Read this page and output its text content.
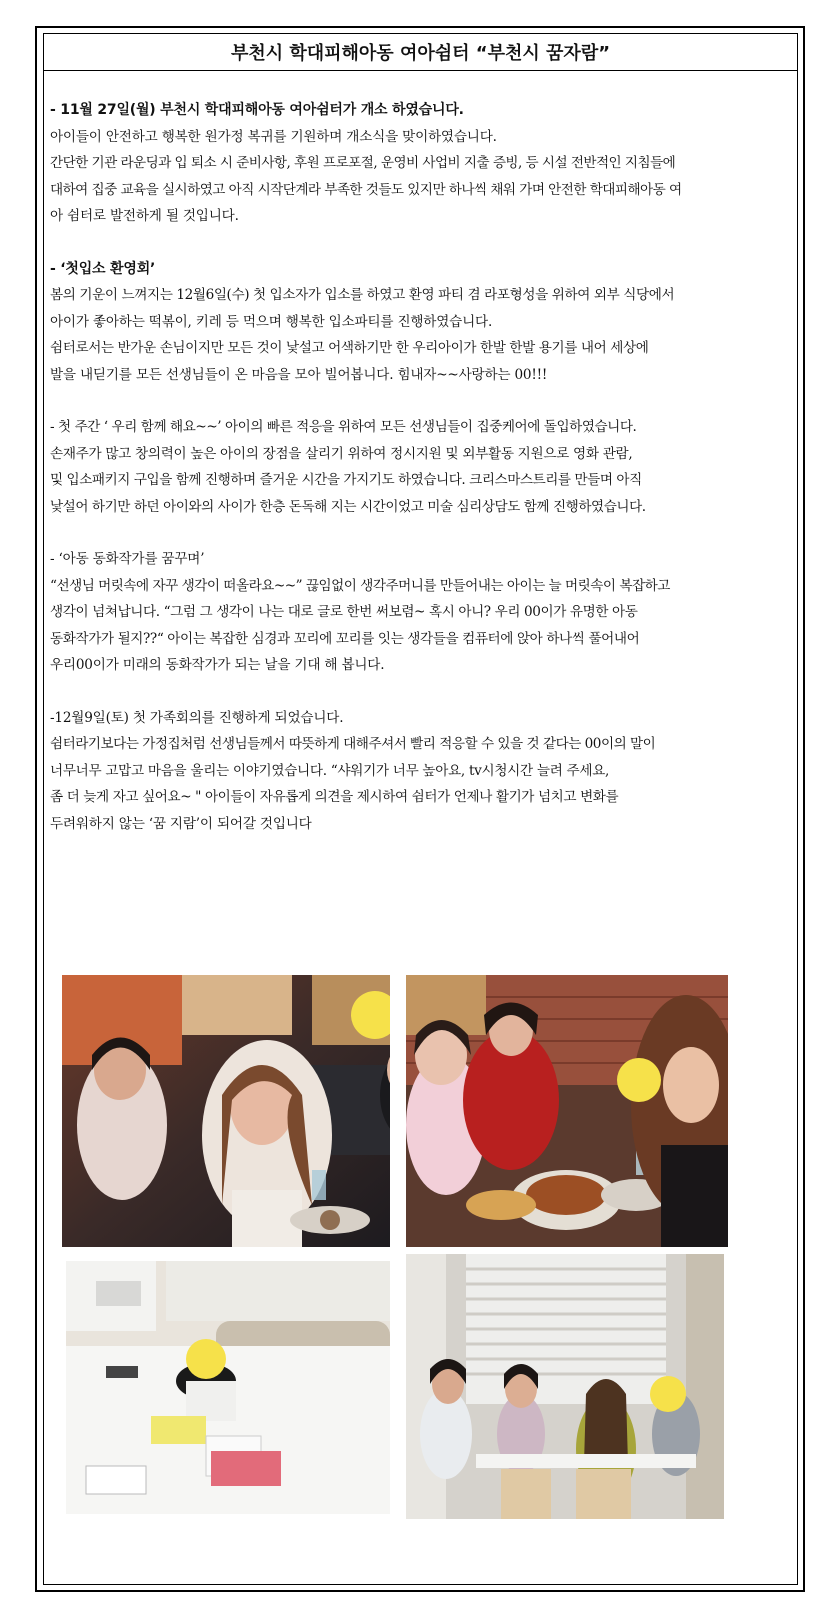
부천시 학대피해아동 여아쉼터 “부천시 꿈자람”

- 11월 27일(월) 부천시 학대피해아동 여아쉼터가 개소 하였습니다.

아이들이 안전하고 행복한 원가정 복귀를 기원하며 개소식을 맞이하였습니다.

간단한 기관 라운딩과 입 퇴소 시 준비사항, 후원 프로포절, 운영비 사업비 지출 증빙, 등 시설 전반적인 지침들에

대하여 집중 교육을 실시하였고 아직 시작단계라 부족한 것들도 있지만 하나씩 채워 가며 안전한 학대피해아동 여

아 쉼터로 발전하게 될 것입니다.

- ‘첫입소 환영회’

봄의 기운이 느껴지는 12월6일(수) 첫 입소자가 입소를 하였고 환영 파티 겸 라포형성을 위하여 외부 식당에서

아이가 좋아하는 떡볶이, 키레 등 먹으며 행복한 입소파티를 진행하였습니다.

쉼터로서는 반가운 손님이지만 모든 것이 낯설고 어색하기만 한 우리아이가 한발 한발 용기를 내어 세상에

발을 내딛기를 모든 선생님들이 온 마음을 모아 빌어봅니다. 힘내자~~사랑하는 00!!!

- 첫 주간 ‘ 우리 함께 해요~~’ 아이의 빠른 적응을 위하여 모든 선생님들이 집중케어에 돌입하였습니다.

손재주가 많고 창의력이 높은 아이의 장점을 살리기 위하여 정시지원 및 외부활동 지원으로 영화 관람,

및 입소패키지 구입을 함께 진행하며 즐거운 시간을 가지기도 하였습니다. 크리스마스트리를 만들며 아직

낯설어 하기만 하던 아이와의 사이가 한층 돈독해 지는 시간이었고 미술 심리상담도 함께 진행하였습니다.

- ‘아동 동화작가를 꿈꾸며’

“선생님 머릿속에 자꾸 생각이 떠올라요~~” 끊임없이 생각주머니를 만들어내는 아이는 늘 머릿속이 복잡하고

생각이 넘쳐납니다. “그럼 그 생각이 나는 대로 글로 한번 써보렴~ 혹시 아니? 우리 00이가 유명한 아동

동화작가가 될지??“ 아이는 복잡한 심경과 꼬리에 꼬리를 잇는 생각들을 컴퓨터에 앉아 하나씩 풀어내어

우리00이가 미래의 동화작가가 되는 날을 기대 해 봅니다.

-12월9일(토) 첫 가족회의를 진행하게 되었습니다.

쉼터라기보다는 가정집처럼 선생님들께서 따뜻하게 대해주셔서 빨리 적응할 수 있을 것 같다는 00이의 말이

너무너무 고맙고 마음을 울리는 이야기였습니다. “샤워기가 너무 높아요, tv시청시간 늘려 주세요,

좀 더 늦게 자고 싶어요~ " 아이들이 자유롭게 의견을 제시하여 쉼터가 언제나 활기가 넘치고 변화를

두려워하지 않는 ‘꿈 지람’이 되어갈 것입니다
